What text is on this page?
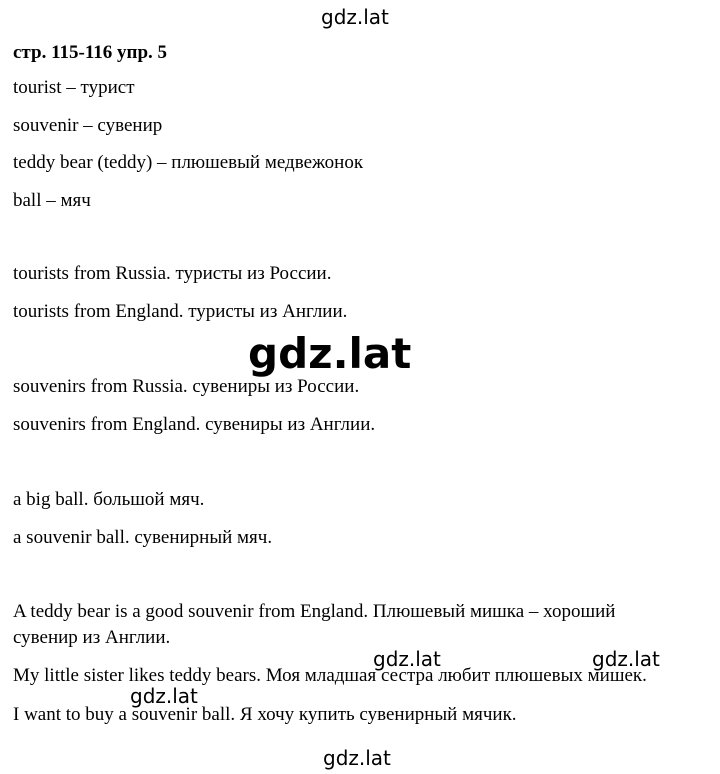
стр. 115-116 упр. 5
tourist – турист
souvenir – сувенир
teddy bear (teddy) – плюшевый медвежонок
ball – мяч
tourists from Russia. туристы из России.
tourists from England. туристы из Англии.
souvenirs from Russia. сувениры из России.
souvenirs from England. сувениры из Англии.
a big ball. большой мяч.
a souvenir ball. сувенирный мяч.
A teddy bear is a good souvenir from England. Плюшевый мишка – хороший
сувенир из Англии.
My little sister likes teddy bears. Моя младшая сестра любит плюшевых мишек.
I want to buy a souvenir ball. Я хочу купить сувенирный мячик.
gdz.lat
gdz.lat
gdz.lat	gdz.lat
gdz.lat
gdz.lat
